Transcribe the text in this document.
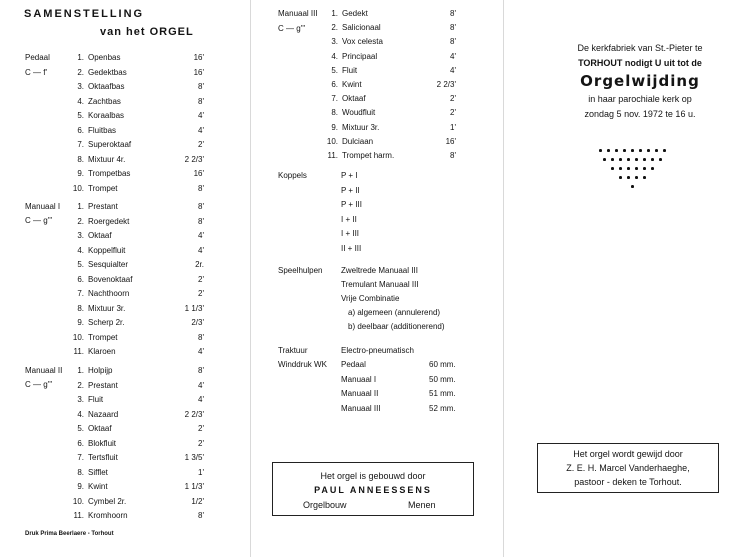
SAMENSTELLING
van het ORGEL
Pedaal
C — f'
1. Openbas	16'
2. Gedektbas	16'
3. Oktaafbas	8'
4. Zachtbas	8'
5. Koraalbas	4'
6. Fluitbas	4'
7. Superoktaaf	2'
8. Mixtuur 4r.	2 2/3'
9. Trompetbas	16'
10. Trompet	8'
Manuaal I
C — g'''
1. Prestant	8'
2. Roergedekt	8'
3. Oktaaf	4'
4. Koppelfluit	4'
5. Sesquialter	2r.
6. Bovenoktaaf	2'
7. Nachthoorn	2'
8. Mixtuur 3r.	1 1/3'
9. Scherp 2r.	2/3'
10. Trompet	8'
11. Klaroen	4'
Manuaal II
C — g'''
1. Holpijp	8'
2. Prestant	4'
3. Fluit	4'
4. Nazaard	2 2/3'
5. Oktaaf	2'
6. Blokfluit	2'
7. Tertsfluit	1 3/5'
8. Sifflet	1'
9. Kwint	1 1/3'
10. Cymbel 2r.	1/2'
11. Kromhoorn	8'
Druk Prima Beerlaere - Torhout
Manuaal III
C — g'''
1. Gedekt	8'
2. Salicionaal	8'
3. Vox celesta	8'
4. Principaal	4'
5. Fluit	4'
6. Kwint	2 2/3'
7. Oktaaf	2'
8. Woudfluit	2'
9. Mixtuur 3r.	1'
10. Dulciaan	16'
11. Trompet harm.	8'
Koppels	P + I
P + II
P + III
I + II
I + III
II + III
Speelhulpen Zweltrede Manuaal III
Tremulant Manuaal III
Vrije Combinatie
a) algemeen (annulerend)
b) deelbaar (additionerend)
Traktuur	Electro-pneumatisch
Winddruk WK Pedaal	60 mm.
Manuaal I	50 mm.
Manuaal II	51 mm.
Manuaal III	52 mm.
Het orgel is gebouwd door
PAUL ANNEESSENS
Orgelbouw	Menen
De kerkfabriek van St.-Pieter te
TORHOUT nodigt U uit tot de
Orgelwijding
in haar parochiale kerk op
zondag 5 nov. 1972 te 16 u.
Het orgel wordt gewijd door
Z. E. H. Marcel Vanderhaeghe,
pastoor - deken te Torhout.
